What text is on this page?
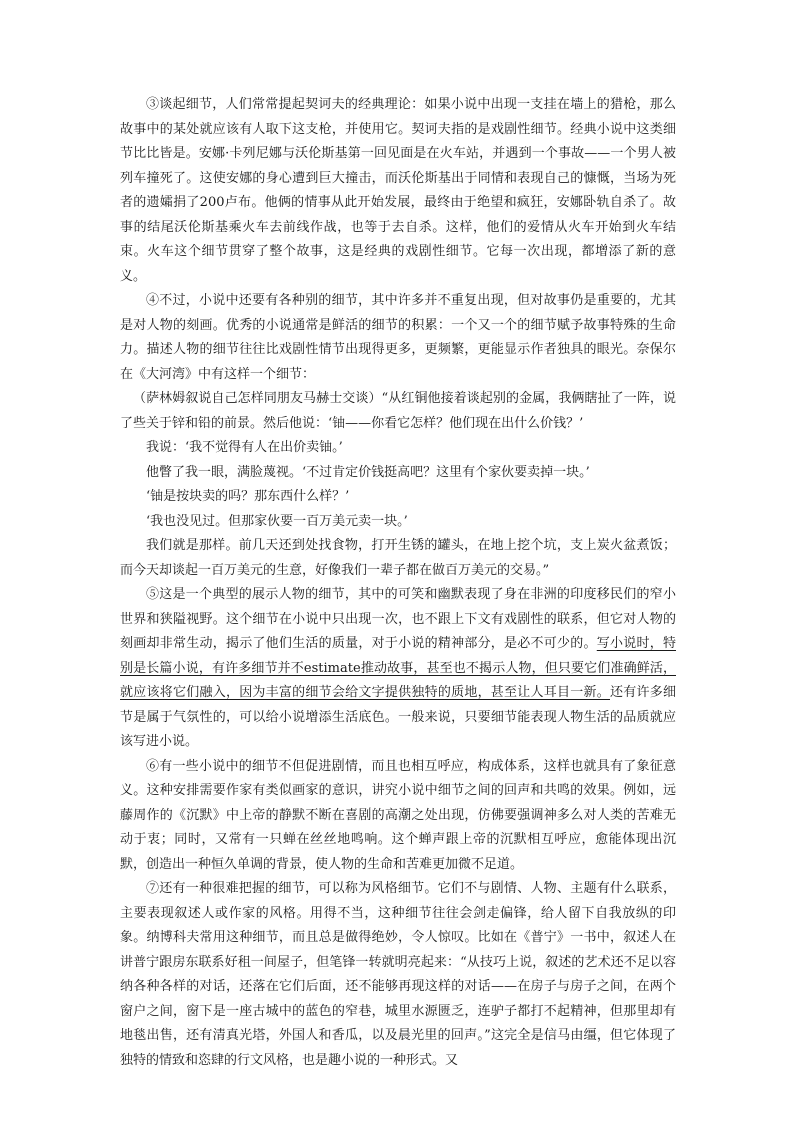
③谈起细节，人们常常提起契诃夫的经典理论：如果小说中出现一支挂在墙上的猎枪，那么故事中的某处就应该有人取下这支枪，并使用它。契诃夫指的是戏剧性细节。经典小说中这类细节比比皆是。安娜·卡列尼娜与沃伦斯基第一回见面是在火车站，并遇到一个事故——一个男人被列车撞死了。这使安娜的身心遭到巨大撞击，而沃伦斯基出于同情和表现自己的慷慨，当场为死者的遗孀捐了200卢布。他俩的情事从此开始发展，最终由于绝望和疯狂，安娜卧轨自杀了。故事的结尾沃伦斯基乘火车去前线作战，也等于去自杀。这样，他们的爱情从火车开始到火车结束。火车这个细节贯穿了整个故事，这是经典的戏剧性细节。它每一次出现，都增添了新的意义。

④不过，小说中还要有各种别的细节，其中许多并不重复出现，但对故事仍是重要的，尤其是对人物的刻画。优秀的小说通常是鲜活的细节的积累：一个又一个的细节赋予故事特殊的生命力。描述人物的细节往往比戏剧性情节出现得更多，更频繁，更能显示作者独具的眼光。奈保尔在《大河湾》中有这样一个细节：

（萨林姆叙说自己怎样同朋友马赫士交谈）“从红铜他接着谈起别的金属，我俩瞎扯了一阵，说了些关于锌和铅的前景。然后他说：‘铀——你看它怎样？他们现在出什么价钱？’

我说：‘我不觉得有人在出价卖铀。’

他瞥了我一眼，满脸蔑视。‘不过肯定价钱挺高吧？这里有个家伙要卖掉一块。’

‘铀是按块卖的吗？那东西什么样？’

‘我也没见过。但那家伙要一百万美元卖一块。’

我们就是那样。前几天还到处找食物，打开生锈的罐头，在地上挖个坑，支上炭火盆煮饭；而今天却谈起一百万美元的生意，好像我们一辈子都在做百万美元的交易。”

⑤这是一个典型的展示人物的细节，其中的可笑和幽默表现了身在非洲的印度移民们的窄小世界和狭隘视野。这个细节在小说中只出现一次，也不跟上下文有戏剧性的联系，但它对人物的刻画却非常生动，揭示了他们生活的质量，对于小说的精神部分，是必不可少的。写小说时，特别是长篇小说，有许多细节并不estimate推动故事，甚至也不揭示人物，但只要它们准确鲜活，就应该将它们融入，因为丰富的细节会给文字提供独特的质地，甚至让人耳目一新。还有许多细节是属于气氛性的，可以给小说增添生活底色。一般来说，只要细节能表现人物生活的品质就应该写进小说。

⑥有一些小说中的细节不但促进剧情，而且也相互呼应，构成体系，这样也就具有了象征意义。这种安排需要作家有类似画家的意识，讲究小说中细节之间的回声和共鸣的效果。例如，远藤周作的《沉默》中上帝的静默不断在喜剧的高潮之处出现，仿佛要强调神多么对人类的苦难无动于衷；同时，又常有一只蝉在丝丝地鸣响。这个蝉声跟上帝的沉默相互呼应，愈能体现出沉默，创造出一种恒久单调的背景，使人物的生命和苦难更加微不足道。

⑦还有一种很难把握的细节，可以称为风格细节。它们不与剧情、人物、主题有什么联系，主要表现叙述人或作家的风格。用得不当，这种细节往往会剑走偏锋，给人留下自我放纵的印象。纳博科夫常用这种细节，而且总是做得绝妙，令人惊叹。比如在《普宁》一书中，叙述人在讲普宁跟房东联系好租一间屋子，但笔锋一转就明亮起来：“从技巧上说，叙述的艺术还不足以容纳各种各样的对话，还落在它们后面，还不能够再现这样的对话——在房子与房子之间，在两个窗户之间，窗下是一座古城中的蓝色的窄巷，城里水源匮乏，连驴子都打不起精神，但那里却有地毯出售，还有清真光塔，外国人和香瓜，以及晨光里的回声。”这完全是信马由缰，但它体现了独特的情致和恣肆的行文风格，也是趣小说的一种形式。又
